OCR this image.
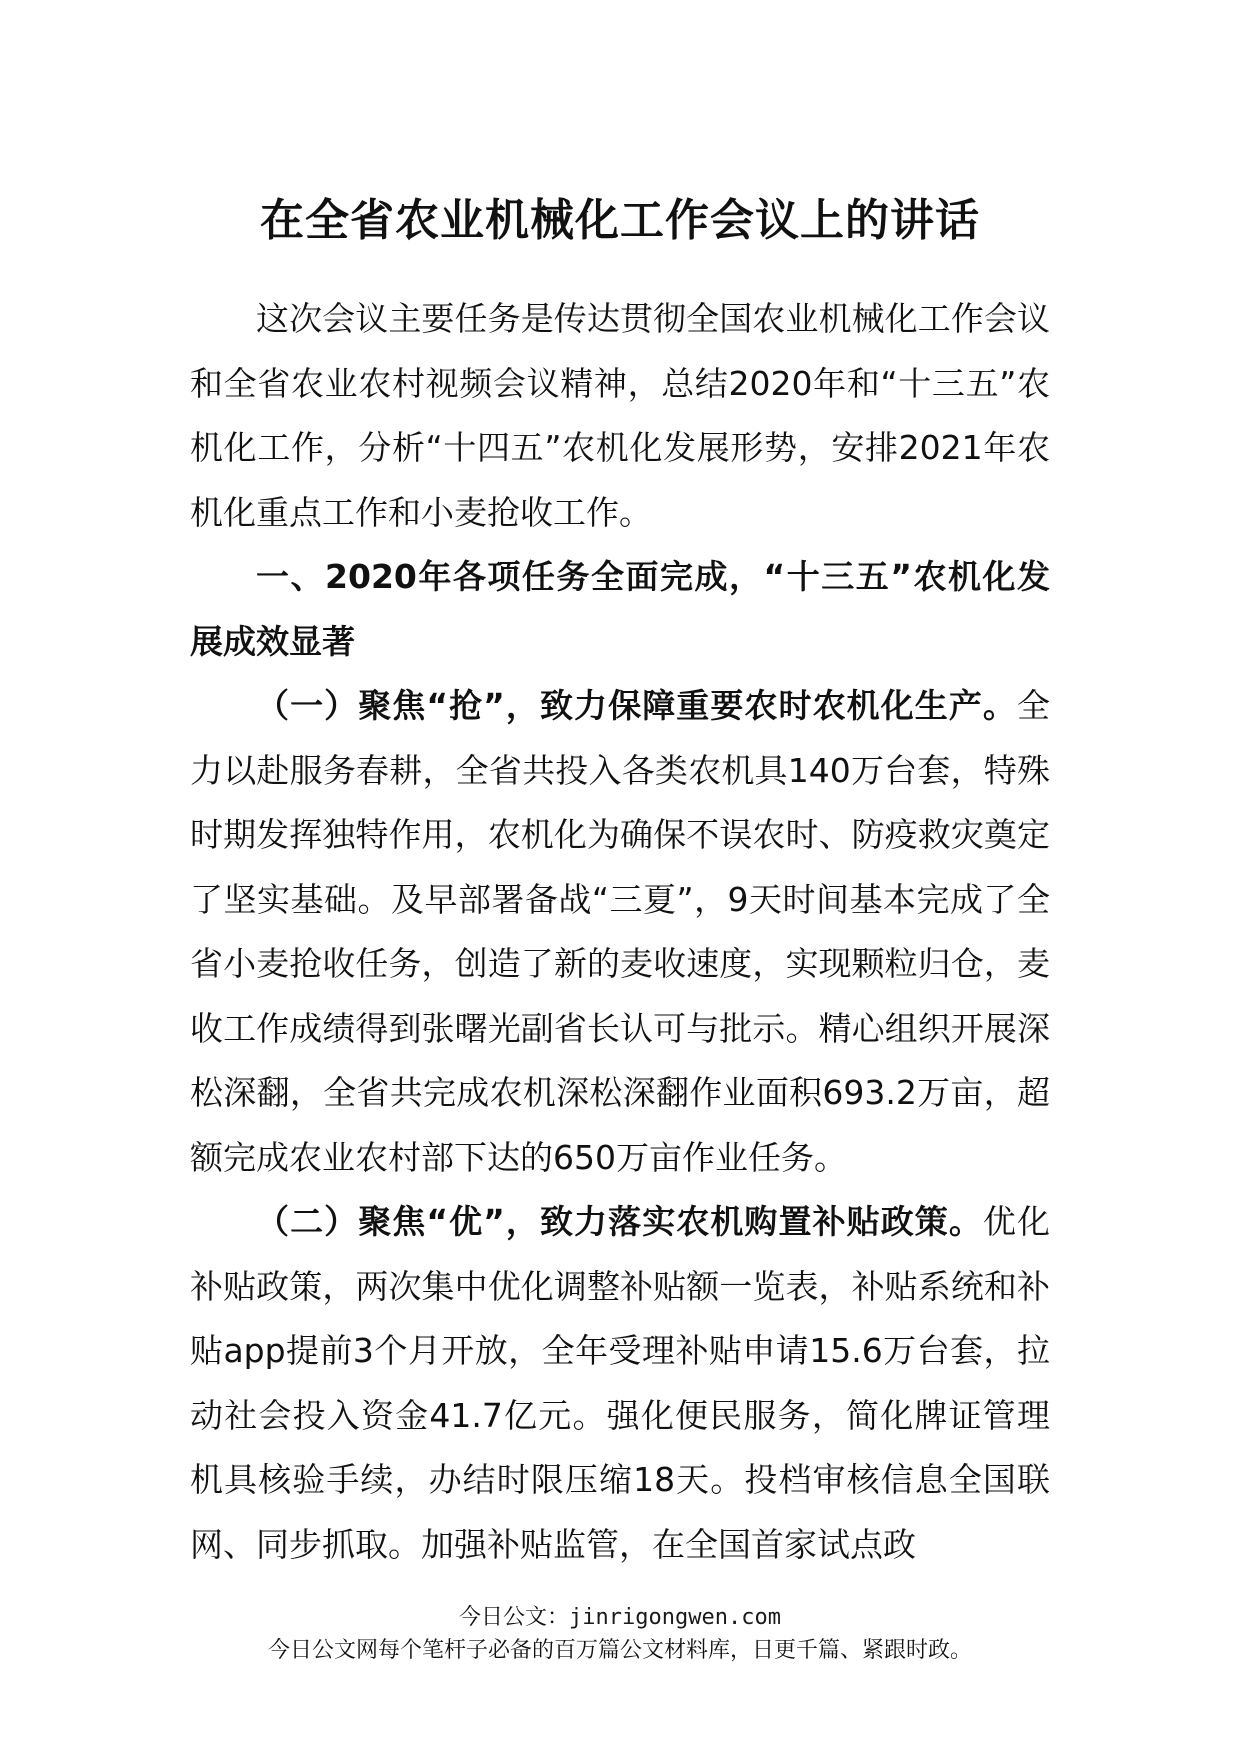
在全省农业机械化工作会议上的讲话

这次会议主要任务是传达贯彻全国农业机械化工作会议和全省农业农村视频会议精神，总结2020年和“十三五”农机化工作，分析“十四五”农机化发展形势，安排2021年农机化重点工作和小麦抢收工作。

一、2020年各项任务全面完成，“十三五”农机化发展成效显著

（一）聚焦“抢”，致力保障重要农时农机化生产。全力以赴服务春耕，全省共投入各类农机具140万台套，特殊时期发挥独特作用，农机化为确保不误农时、防疫救灾奠定了坚实基础。及早部署备战“三夏”，9天时间基本完成了全省小麦抢收任务，创造了新的麦收速度，实现颗粒归仓，麦收工作成绩得到张曙光副省长认可与批示。精心组织开展深松深翻，全省共完成农机深松深翻作业面积693.2万亩，超额完成农业农村部下达的650万亩作业任务。

（二）聚焦“优”，致力落实农机购置补贴政策。优化补贴政策，两次集中优化调整补贴额一览表，补贴系统和补贴app提前3个月开放，全年受理补贴申请15.6万台套，拉动社会投入资金41.7亿元。强化便民服务，简化牌证管理机具核验手续，办结时限压缩18天。投档审核信息全国联网、同步抓取。加强补贴监管，在全国首家试点政

今日公文：jinrigongwen.com
今日公文网每个笔杆子必备的百万篇公文材料库，日更千篇、紧跟时政。
